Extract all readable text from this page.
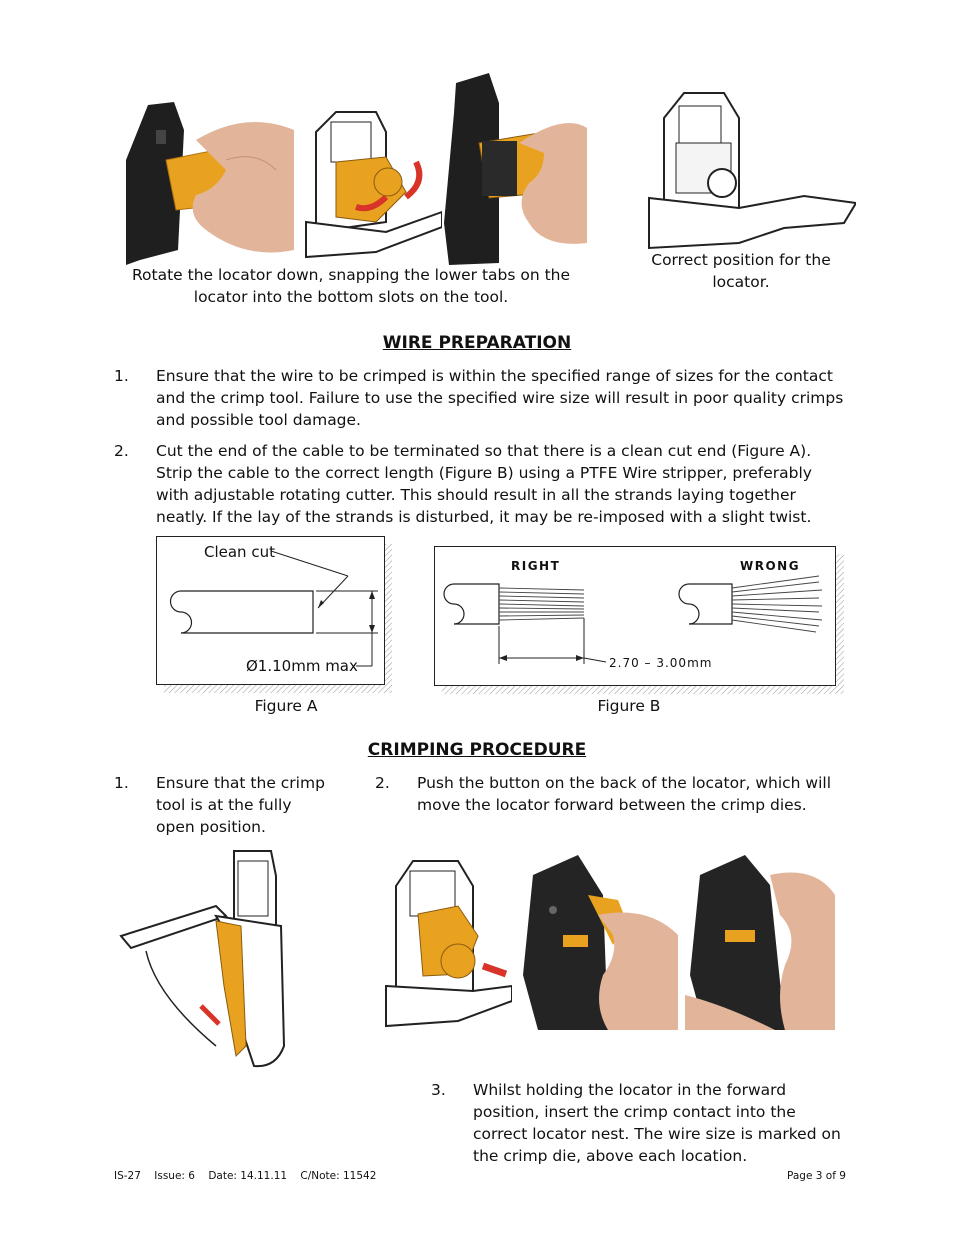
Rotate the locator down, snapping the lower tabs on the locator into the bottom slots on the tool.
Correct position for the locator.
WIRE PREPARATION
1. Ensure that the wire to be crimped is within the specified range of sizes for the contact and the crimp tool. Failure to use the specified wire size will result in poor quality crimps and possible tool damage.
2. Cut the end of the cable to be terminated so that there is a clean cut end (Figure A). Strip the cable to the correct length (Figure B) using a PTFE Wire stripper, preferably with adjustable rotating cutter. This should result in all the strands laying together neatly. If the lay of the strands is disturbed, it may be re-imposed with a slight twist.
Clean cut
Ø1.10mm max
Figure A
RIGHT	WRONG
2.70 – 3.00mm
Figure B
CRIMPING PROCEDURE
1. Ensure that the crimp tool is at the fully open position.
2. Push the button on the back of the locator, which will move the locator forward between the crimp dies.
3. Whilst holding the locator in the forward position, insert the crimp contact into the correct locator nest. The wire size is marked on the crimp die, above each location.
IS-27    Issue: 6    Date: 14.11.11    C/Note: 11542	Page 3 of 9
